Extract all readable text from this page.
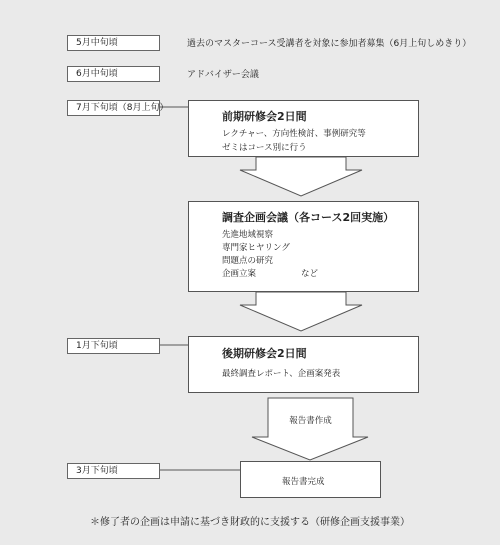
5月中旬頃	過去のマスターコース受講者を対象に参加者募集（6月上旬しめきり）
6月中旬頃	アドバイザー会議
7月下旬頃（8月上旬）
1月下旬頃
3月下旬頃
前期研修会2日間
レクチャー、方向性検討、事例研究等
ゼミはコース別に行う
調査企画会議（各コース2回実施）
先進地域視察
専門家ヒヤリング
問題点の研究
企画立案	など
後期研修会2日間
最終調査レポート、企画案発表
報告書作成
報告書完成
＊修了者の企画は申請に基づき財政的に支援する（研修企画支援事業）
